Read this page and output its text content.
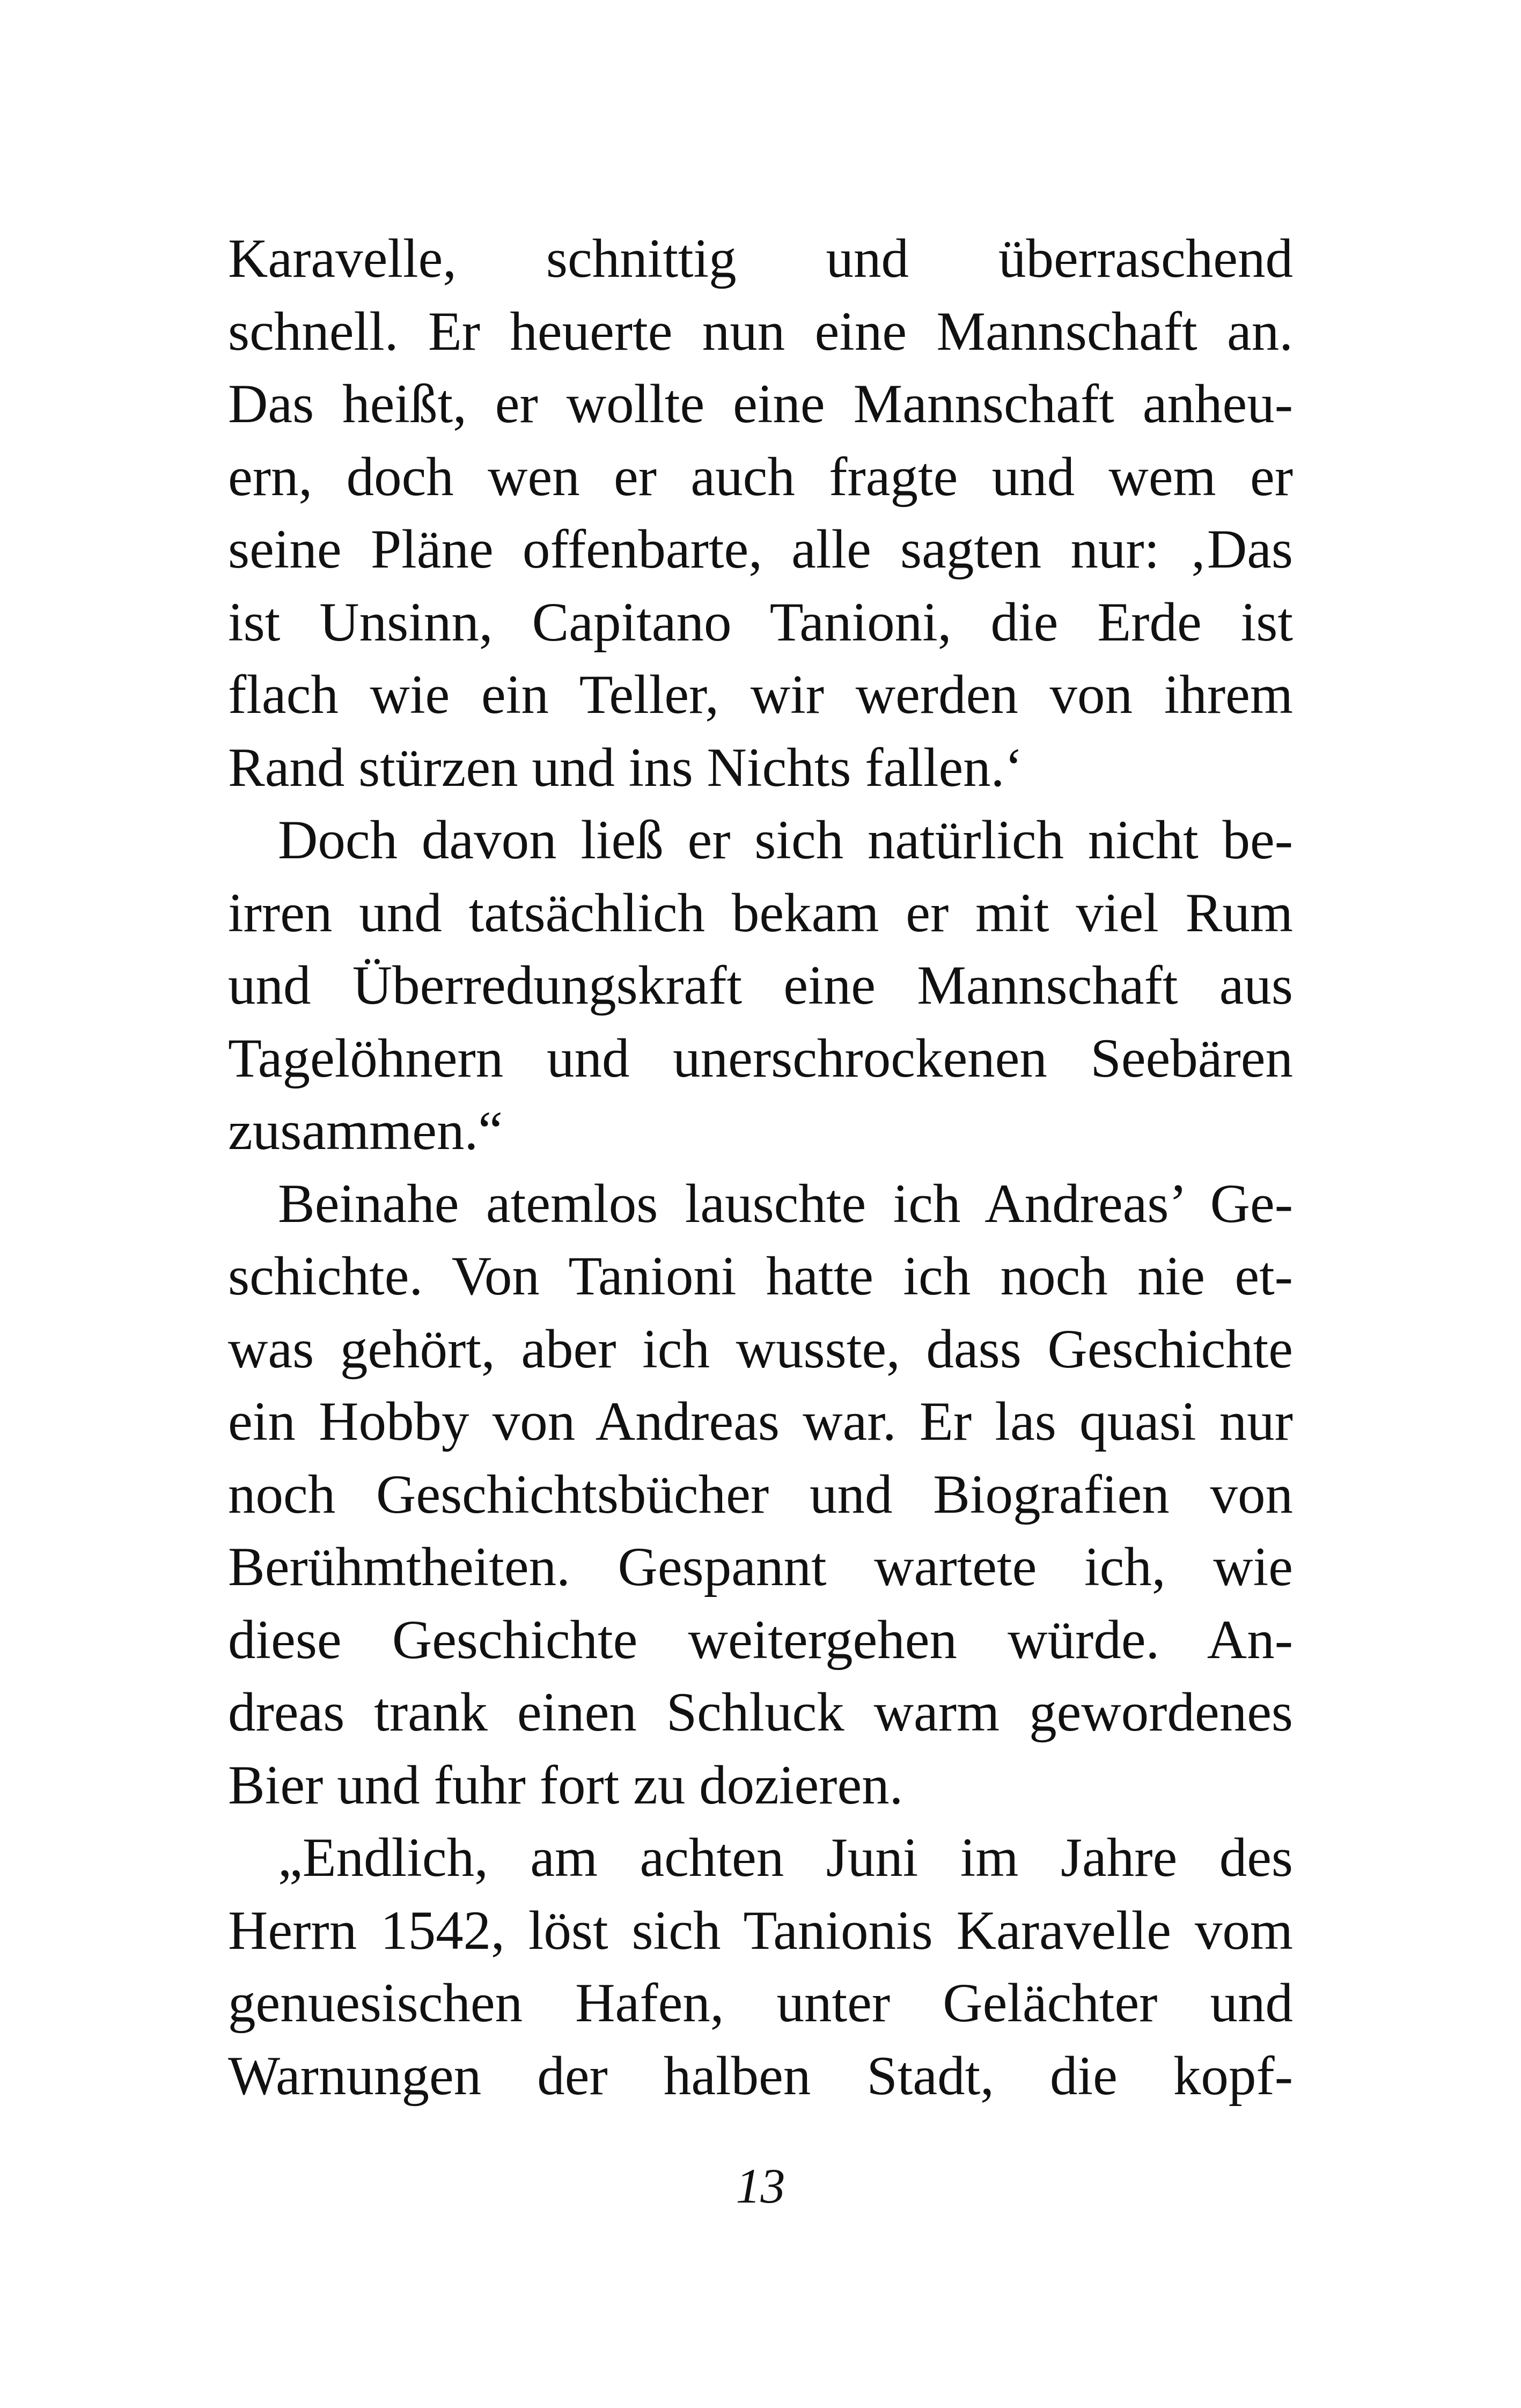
Karavelle, schnittig und überraschend
schnell. Er heuerte nun eine Mannschaft an.
Das heißt, er wollte eine Mannschaft anheu-
ern, doch wen er auch fragte und wem er
seine Pläne offenbarte, alle sagten nur: ‚Das
ist Unsinn, Capitano Tanioni, die Erde ist
flach wie ein Teller, wir werden von ihrem
Rand stürzen und ins Nichts fallen.‘
Doch davon ließ er sich natürlich nicht be-
irren und tatsächlich bekam er mit viel Rum
und Überredungskraft eine Mannschaft aus
Tagelöhnern und unerschrockenen Seebären
zusammen.“
Beinahe atemlos lauschte ich Andreas’ Ge-
schichte. Von Tanioni hatte ich noch nie et-
was gehört, aber ich wusste, dass Geschichte
ein Hobby von Andreas war. Er las quasi nur
noch Geschichtsbücher und Biografien von
Berühmtheiten. Gespannt wartete ich, wie
diese Geschichte weitergehen würde. An-
dreas trank einen Schluck warm gewordenes
Bier und fuhr fort zu dozieren.
„Endlich, am achten Juni im Jahre des
Herrn 1542, löst sich Tanionis Karavelle vom
genuesischen Hafen, unter Gelächter und
Warnungen der halben Stadt, die kopf-
13
